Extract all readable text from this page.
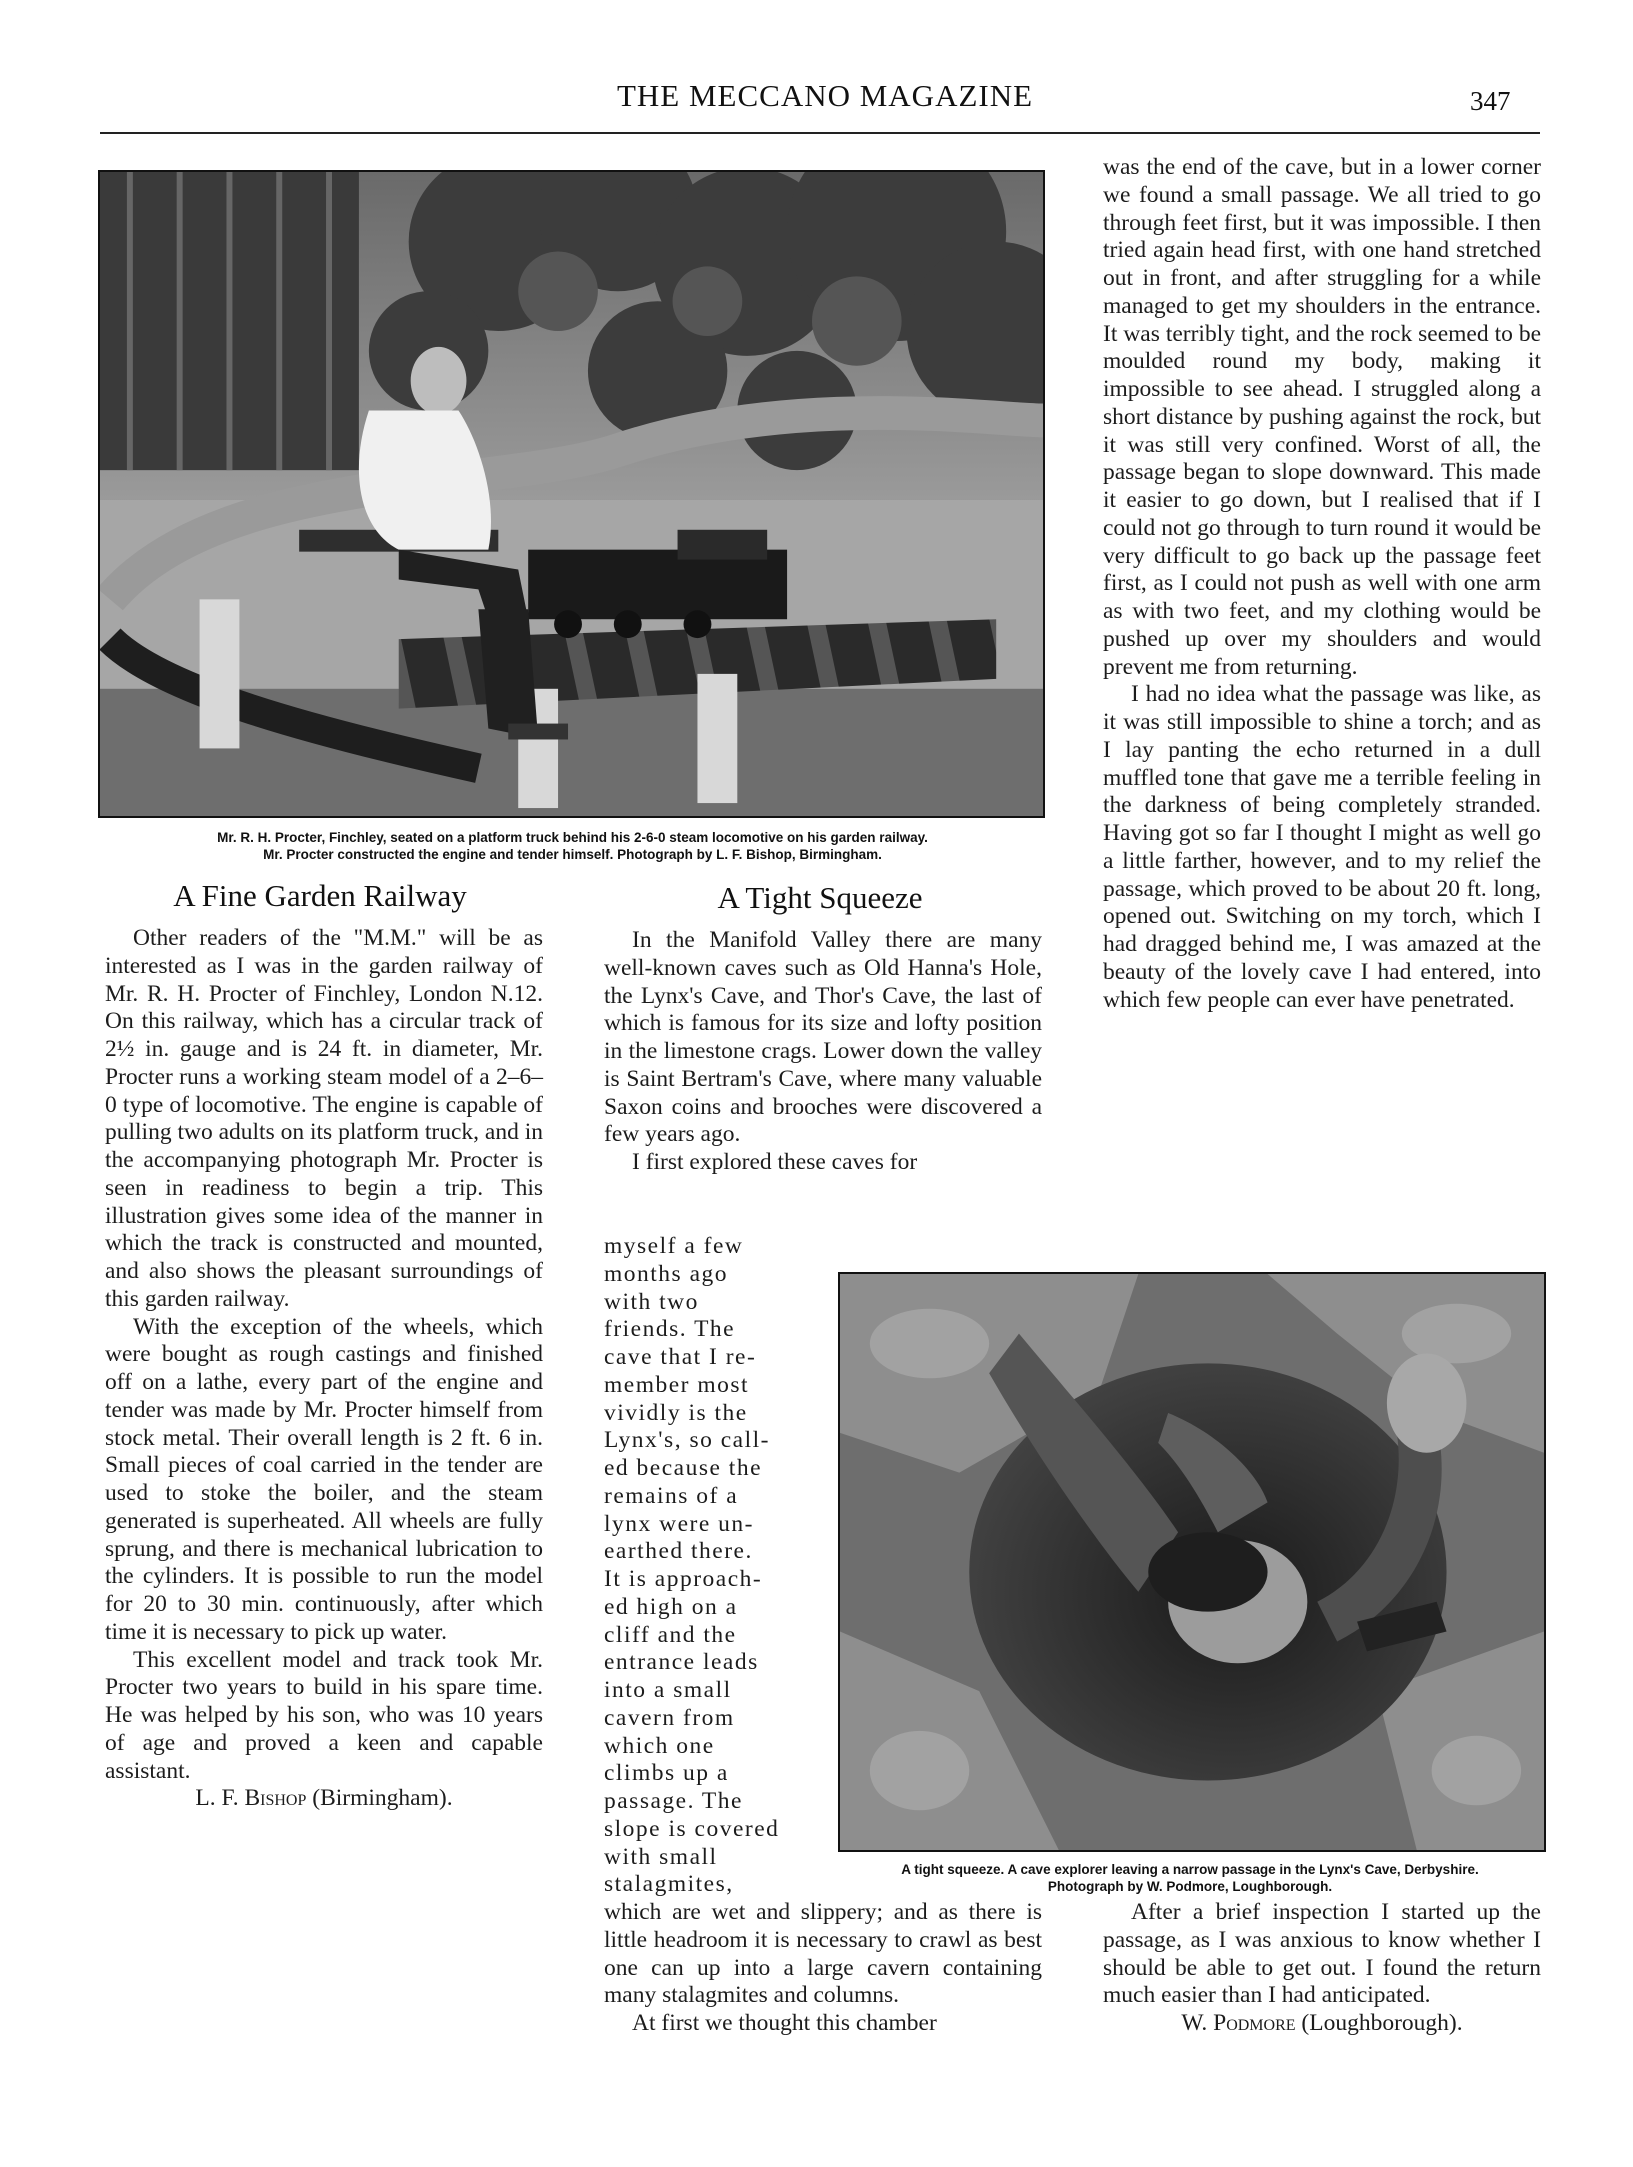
THE MECCANO MAGAZINE	347
Mr. R. H. Procter, Finchley, seated on a platform truck behind his 2-6-0 steam locomotive on his garden railway.
Mr. Procter constructed the engine and tender himself. Photograph by L. F. Bishop, Birmingham.
A Fine Garden Railway

Other readers of the "M.M." will be as interested as I was in the garden railway of Mr. R. H. Procter of Finchley, London N.12. On this railway, which has a circular track of 2½ in. gauge and is 24 ft. in diameter, Mr. Procter runs a working steam model of a 2–6–0 type of locomotive. The engine is capable of pulling two adults on its platform truck, and in the accompanying photograph Mr. Procter is seen in readiness to begin a trip. This illustration gives some idea of the manner in which the track is constructed and mounted, and also shows the pleasant surroundings of this garden railway.

With the exception of the wheels, which were bought as rough castings and finished off on a lathe, every part of the engine and tender was made by Mr. Procter himself from stock metal. Their overall length is 2 ft. 6 in. Small pieces of coal carried in the tender are used to stoke the boiler, and the steam generated is superheated. All wheels are fully sprung, and there is mechanical lubrication to the cylinders. It is possible to run the model for 20 to 30 min. continuously, after which time it is necessary to pick up water.

This excellent model and track took Mr. Procter two years to build in his spare time. He was helped by his son, who was 10 years of age and proved a keen and capable assistant.

L. F. Bishop (Birmingham).

A Tight Squeeze

In the Manifold Valley there are many well-known caves such as Old Hanna's Hole, the Lynx's Cave, and Thor's Cave, the last of which is famous for its size and lofty position in the limestone crags. Lower down the valley is Saint Bertram's Cave, where many valuable Saxon coins and brooches were discovered a few years ago.

I first explored these caves for

myself a few
months ago
with two
friends. The
cave that I re-
member most
vividly is the
Lynx's, so call-
ed because the
remains of a
lynx were un-
earthed there.
It is approach-
ed high on a
cliff and the
entrance leads
into a small
cavern from
which one
climbs up a
passage. The
slope is covered
with small
stalagmites,

which are wet and slippery; and as there is little headroom it is necessary to crawl as best one can up into a large cavern containing many stalagmites and columns.

At first we thought this chamber

was the end of the cave, but in a lower corner we found a small passage. We all tried to go through feet first, but it was impossible. I then tried again head first, with one hand stretched out in front, and after struggling for a while managed to get my shoulders in the entrance. It was terribly tight, and the rock seemed to be moulded round my body, making it impossible to see ahead. I struggled along a short distance by pushing against the rock, but it was still very confined. Worst of all, the passage began to slope downward. This made it easier to go down, but I realised that if I could not go through to turn round it would be very difficult to go back up the passage feet first, as I could not push as well with one arm as with two feet, and my clothing would be pushed up over my shoulders and would prevent me from returning.

I had no idea what the passage was like, as it was still impossible to shine a torch; and as I lay panting the echo returned in a dull muffled tone that gave me a terrible feeling in the darkness of being completely stranded. Having got so far I thought I might as well go a little farther, however, and to my relief the passage, which proved to be about 20 ft. long, opened out. Switching on my torch, which I had dragged behind me, I was amazed at the beauty of the lovely cave I had entered, into which few people can ever have penetrated.

A tight squeeze. A cave explorer leaving a narrow passage in the Lynx's Cave, Derbyshire.
Photograph by W. Podmore, Loughborough.

After a brief inspection I started up the passage, as I was anxious to know whether I should be able to get out. I found the return much easier than I had anticipated.

W. Podmore (Loughborough).
